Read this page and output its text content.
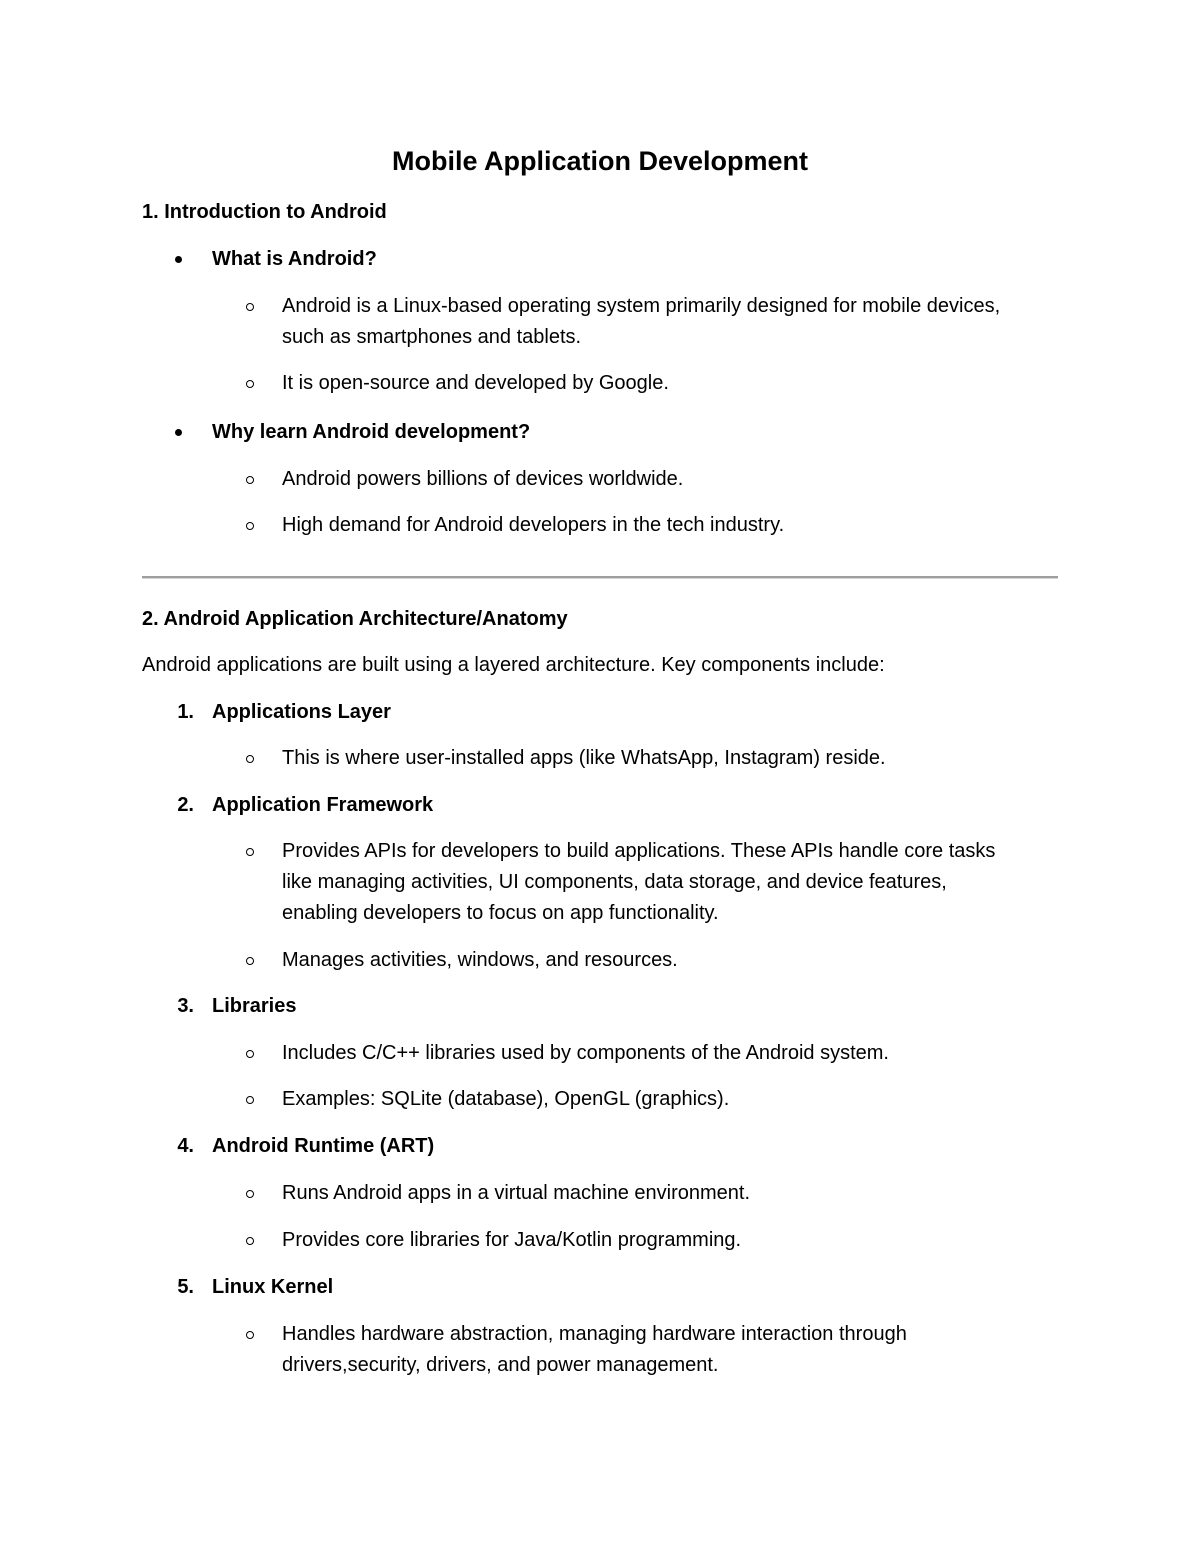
Mobile Application Development
1. Introduction to Android
What is Android?
Android is a Linux-based operating system primarily designed for mobile devices,
such as smartphones and tablets.
It is open-source and developed by Google.
Why learn Android development?
Android powers billions of devices worldwide.
High demand for Android developers in the tech industry.
2. Android Application Architecture/Anatomy
Android applications are built using a layered architecture. Key components include:
1. Applications Layer
This is where user-installed apps (like WhatsApp, Instagram) reside.
2. Application Framework
Provides APIs for developers to build applications. These APIs handle core tasks
like managing activities, UI components, data storage, and device features,
enabling developers to focus on app functionality.
Manages activities, windows, and resources.
3. Libraries
Includes C/C++ libraries used by components of the Android system.
Examples: SQLite (database), OpenGL (graphics).
4. Android Runtime (ART)
Runs Android apps in a virtual machine environment.
Provides core libraries for Java/Kotlin programming.
5. Linux Kernel
Handles hardware abstraction, managing hardware interaction through
drivers,security, drivers, and power management.
